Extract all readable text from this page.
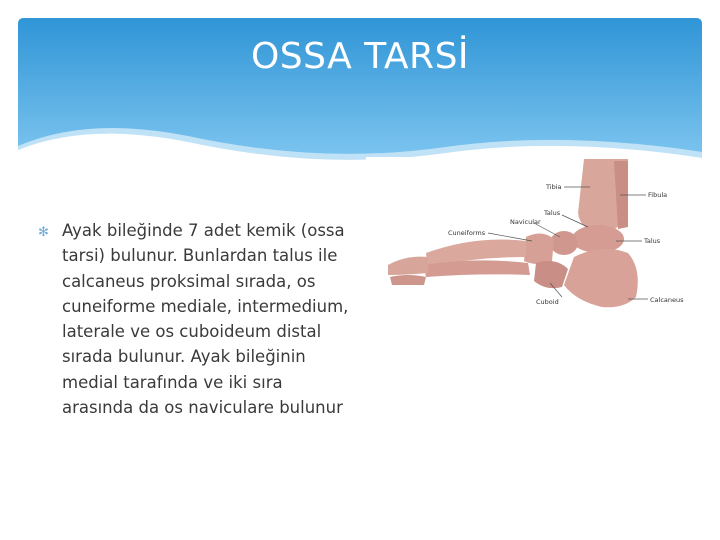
OSSA TARSİ
✻ Ayak bileğinde 7 adet kemik (ossa tarsi) bulunur. Bunlardan talus ile calcaneus proksimal sırada, os cuneiforme mediale, intermedium, laterale ve os cuboideum distal sırada bulunur. Ayak bileğinin medial tarafında ve iki sıra arasında da os naviculare bulunur
Tibia
Fibula
Talus
Navicular
Cuneiforms
Talus
Cuboid	Calcaneus
